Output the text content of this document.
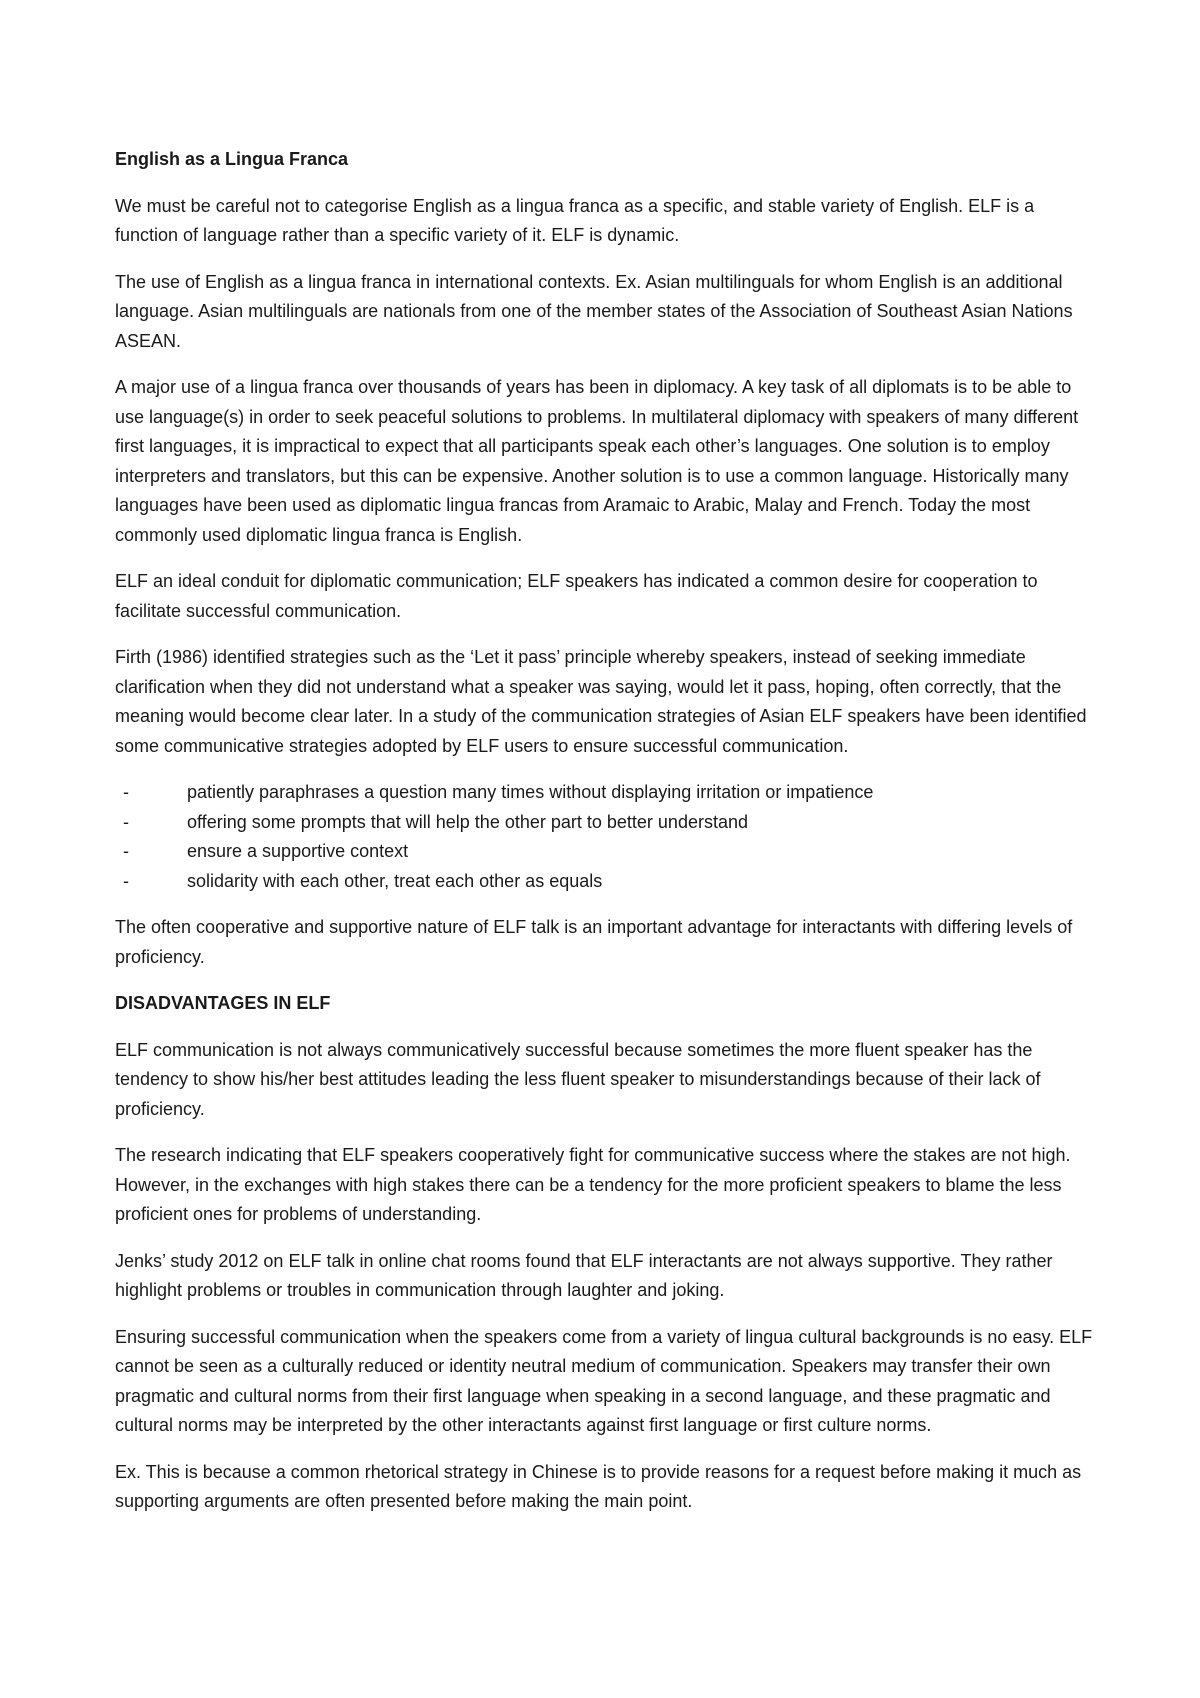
English as a Lingua Franca

We must be careful not to categorise English as a lingua franca as a specific, and stable variety of English. ELF is a function of language rather than a specific variety of it. ELF is dynamic.

The use of English as a lingua franca in international contexts. Ex. Asian multilinguals for whom English is an additional language. Asian multilinguals are nationals from one of the member states of the Association of Southeast Asian Nations ASEAN.

A major use of a lingua franca over thousands of years has been in diplomacy. A key task of all diplomats is to be able to use language(s) in order to seek peaceful solutions to problems. In multilateral diplomacy with speakers of many different first languages, it is impractical to expect that all participants speak each other’s languages. One solution is to employ interpreters and translators, but this can be expensive. Another solution is to use a common language. Historically many languages have been used as diplomatic lingua francas from Aramaic to Arabic, Malay and French. Today the most commonly used diplomatic lingua franca is English.

ELF an ideal conduit for diplomatic communication; ELF speakers has indicated a common desire for cooperation to facilitate successful communication.

Firth (1986) identified strategies such as the ‘Let it pass’ principle whereby speakers, instead of seeking immediate clarification when they did not understand what a speaker was saying, would let it pass, hoping, often correctly, that the meaning would become clear later. In a study of the communication strategies of Asian ELF speakers have been identified some communicative strategies adopted by ELF users to ensure successful communication.

-	patiently paraphrases a question many times without displaying irritation or impatience
-	offering some prompts that will help the other part to better understand
-	ensure a supportive context
-	solidarity with each other, treat each other as equals

The often cooperative and supportive nature of ELF talk is an important advantage for interactants with differing levels of proficiency.

DISADVANTAGES IN ELF

ELF communication is not always communicatively successful because sometimes the more fluent speaker has the tendency to show his/her best attitudes leading the less fluent speaker to misunderstandings because of their lack of proficiency.

The research indicating that ELF speakers cooperatively fight for communicative success where the stakes are not high. However, in the exchanges with high stakes there can be a tendency for the more proficient speakers to blame the less proficient ones for problems of understanding.

Jenks’ study 2012 on ELF talk in online chat rooms found that ELF interactants are not always supportive. They rather highlight problems or troubles in communication through laughter and joking.

Ensuring successful communication when the speakers come from a variety of lingua cultural backgrounds is no easy. ELF cannot be seen as a culturally reduced or identity neutral medium of communication. Speakers may transfer their own pragmatic and cultural norms from their first language when speaking in a second language, and these pragmatic and cultural norms may be interpreted by the other interactants against first language or first culture norms.

Ex. This is because a common rhetorical strategy in Chinese is to provide reasons for a request before making it much as supporting arguments are often presented before making the main point.
